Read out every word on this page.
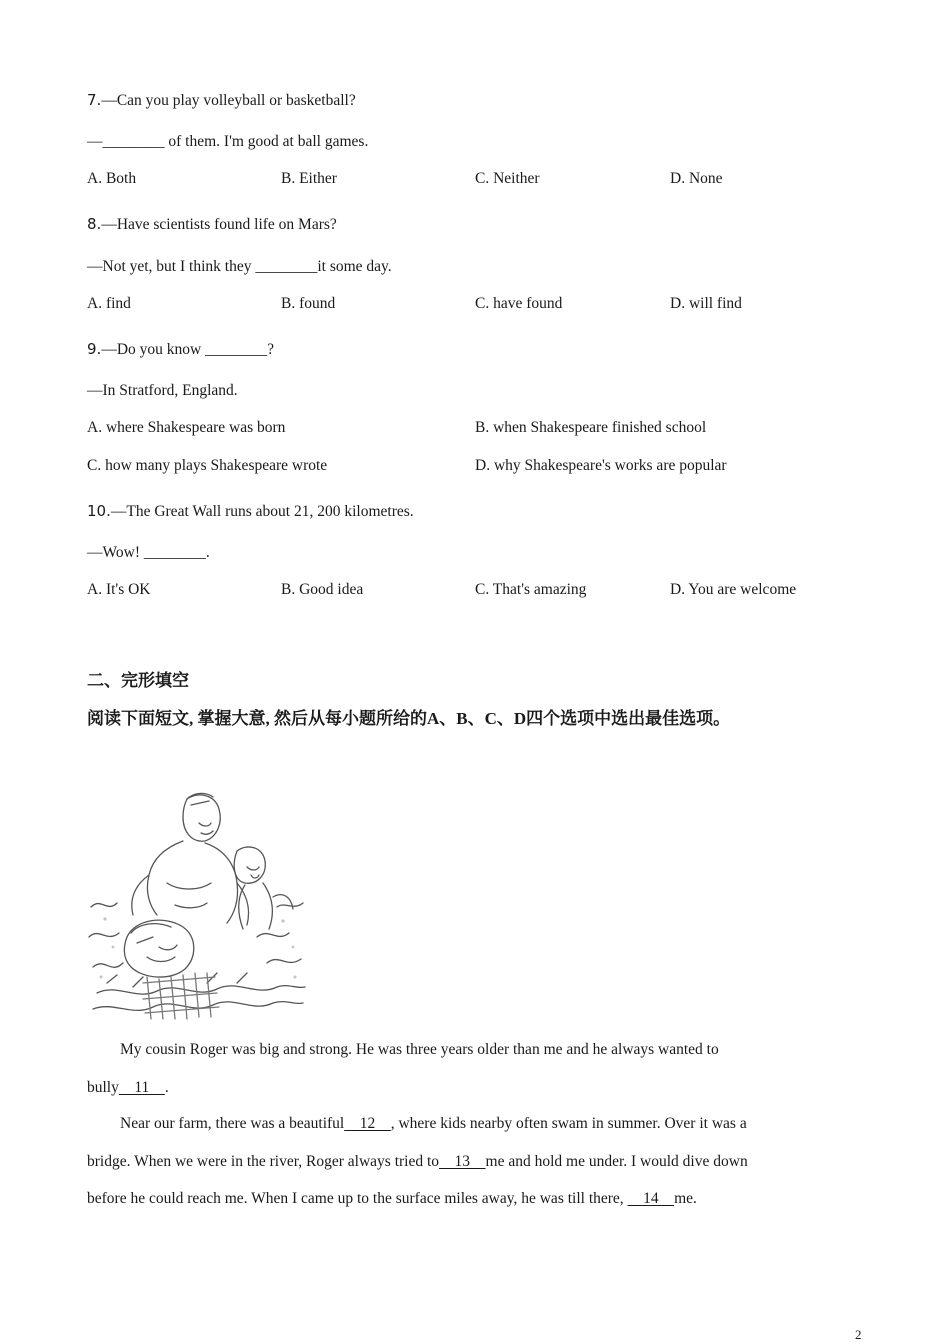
7.—Can you play volleyball or basketball?
—________ of them. I'm good at ball games.
A. Both	B. Either	C. Neither	D. None
8.—Have scientists found life on Mars?
—Not yet, but I think they ________it some day.
A. find	B. found	C. have found	D. will find
9.—Do you know ________?
—In Stratford, England.
A. where Shakespeare was born	B. when Shakespeare finished school
C. how many plays Shakespeare wrote	D. why Shakespeare's works are popular
10.—The Great Wall runs about 21, 200 kilometres.
—Wow! ________.
A. It's OK	B. Good idea	C. That's amazing	D. You are welcome
二、完形填空
阅读下面短文, 掌握大意, 然后从每小题所给的A、B、C、D四个选项中选出最佳选项。
My cousin Roger was big and strong. He was three years older than me and he always wanted to
bully    11    .
Near our farm, there was a beautiful    12    , where kids nearby often swam in summer. Over it was a
bridge. When we were in the river, Roger always tried to    13    me and hold me under. I would dive down
before he could reach me. When I came up to the surface miles away, he was till there,     14    me.
2
